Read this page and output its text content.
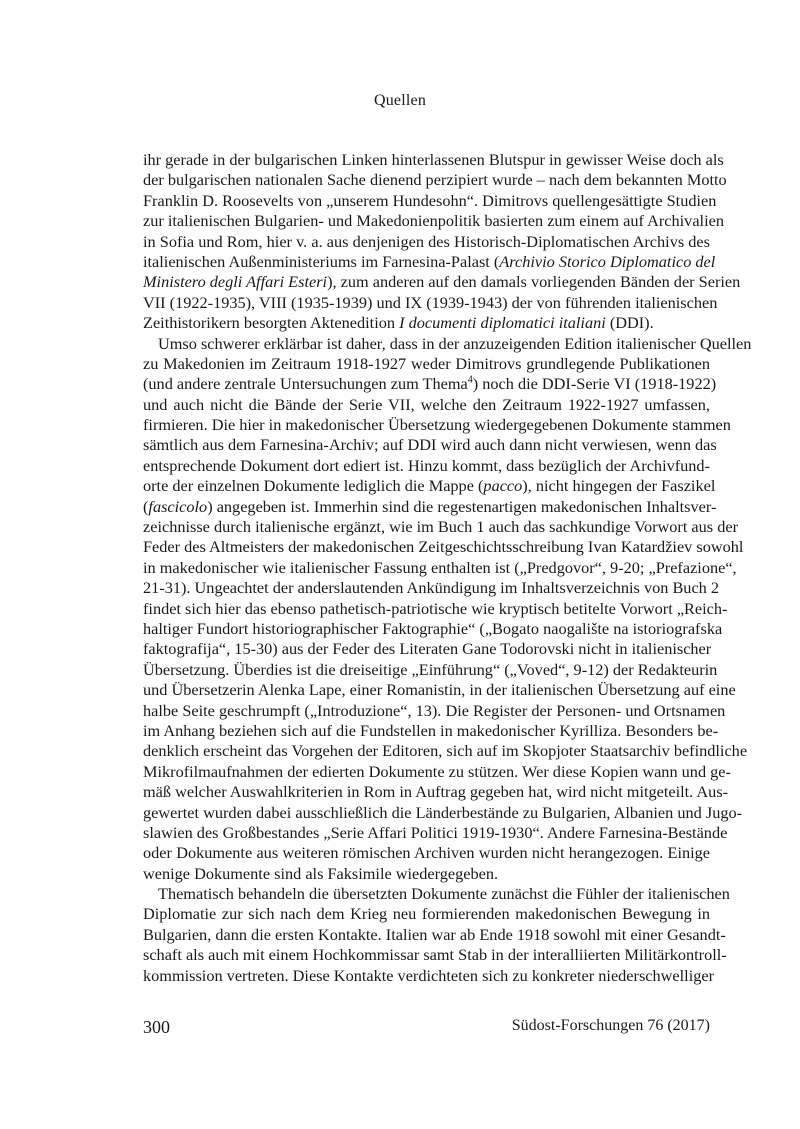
Quellen
ihr gerade in der bulgarischen Linken hinterlassenen Blutspur in gewisser Weise doch als
der bulgarischen nationalen Sache dienend perzipiert wurde – nach dem bekannten Motto
Franklin D. Roosevelts von „unserem Hundesohn“. Dimitrovs quellengesättigte Studien
zur italienischen Bulgarien- und Makedonienpolitik basierten zum einem auf Archivalien
in Sofia und Rom, hier v. a. aus denjenigen des Historisch-Diplomatischen Archivs des
italienischen Außenministeriums im Farnesina-Palast (Archivio Storico Diplomatico del
Ministero degli Affari Esteri), zum anderen auf den damals vorliegenden Bänden der Serien
VII (1922-1935), VIII (1935-1939) und IX (1939-1943) der von führenden italienischen
Zeithistorikern besorgten Aktenedition I documenti diplomatici italiani (DDI).
Umso schwerer erklärbar ist daher, dass in der anzuzeigenden Edition italienischer Quellen
zu Makedonien im Zeitraum 1918-1927 weder Dimitrovs grundlegende Publikationen
(und andere zentrale Untersuchungen zum Thema$^4$) noch die DDI-Serie VI (1918-1922)
und auch nicht die Bände der Serie VII, welche den Zeitraum 1922-1927 umfassen,
firmieren. Die hier in makedonischer Übersetzung wiedergegebenen Dokumente stammen
sämtlich aus dem Farnesina-Archiv; auf DDI wird auch dann nicht verwiesen, wenn das
entsprechende Dokument dort ediert ist. Hinzu kommt, dass bezüglich der Archivfund-
orte der einzelnen Dokumente lediglich die Mappe (pacco), nicht hingegen der Faszikel
(fascicolo) angegeben ist. Immerhin sind die regestenartigen makedonischen Inhaltsver-
zeichnisse durch italienische ergänzt, wie im Buch 1 auch das sachkundige Vorwort aus der
Feder des Altmeisters der makedonischen Zeitgeschichtsschreibung Ivan Katardžiev sowohl
in makedonischer wie italienischer Fassung enthalten ist („Predgovor“, 9-20; „Prefazione“,
21-31). Ungeachtet der anderslautenden Ankündigung im Inhaltsverzeichnis von Buch 2
findet sich hier das ebenso pathetisch-patriotische wie kryptisch betitelte Vorwort „Reich-
haltiger Fundort historiographischer Faktographie“ („Bogato naogalište na istoriografska
faktografija“, 15-30) aus der Feder des Literaten Gane Todorovski nicht in italienischer
Übersetzung. Überdies ist die dreiseitige „Einführung“ („Voved“, 9-12) der Redakteurin
und Übersetzerin Alenka Lape, einer Romanistin, in der italienischen Übersetzung auf eine
halbe Seite geschrumpft („Introduzione“, 13). Die Register der Personen- und Ortsnamen
im Anhang beziehen sich auf die Fundstellen in makedonischer Kyrilliza. Besonders be-
denklich erscheint das Vorgehen der Editoren, sich auf im Skopjoter Staatsarchiv befindliche
Mikrofilmaufnahmen der edierten Dokumente zu stützen. Wer diese Kopien wann und ge-
mäß welcher Auswahlkriterien in Rom in Auftrag gegeben hat, wird nicht mitgeteilt. Aus-
gewertet wurden dabei ausschließlich die Länderbestände zu Bulgarien, Albanien und Jugo-
slawien des Großbestandes „Serie Affari Politici 1919-1930“. Andere Farnesina-Bestände
oder Dokumente aus weiteren römischen Archiven wurden nicht herangezogen. Einige
wenige Dokumente sind als Faksimile wiedergegeben.
Thematisch behandeln die übersetzten Dokumente zunächst die Fühler der italienischen
Diplomatie zur sich nach dem Krieg neu formierenden makedonischen Bewegung in
Bulgarien, dann die ersten Kontakte. Italien war ab Ende 1918 sowohl mit einer Gesandt-
schaft als auch mit einem Hochkommissar samt Stab in der interalliierten Militärkontroll-
kommission vertreten. Diese Kontakte verdichteten sich zu konkreter niederschwelliger
300	Südost-Forschungen 76 (2017)
